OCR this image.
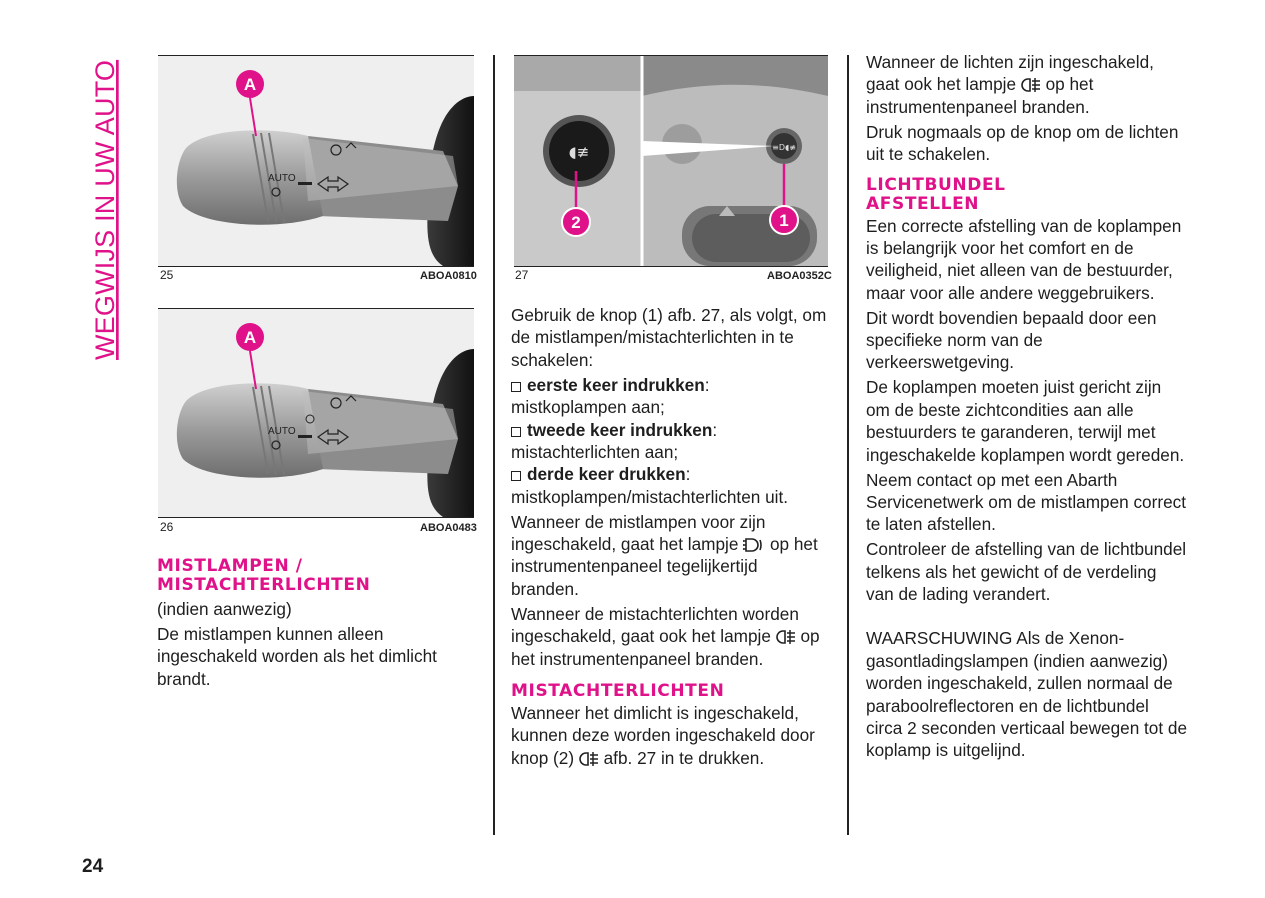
WEGWIJS IN UW AUTO	AUTO
A
25	ABOA0810
AUTO
A
26	ABOA0483
◖≢	≡D◖≢
1
2
27	ABOA0352C

MISTLAMPEN /
MISTACHTERLICHTEN

(indien aanwezig)

De mistlampen kunnen alleen ingeschakeld worden als het dimlicht brandt.

Gebruik de knop (1) afb. 27, als volgt, om de mistlampen/mistachterlichten in te schakelen:

eerste keer indrukken:
mistkoplampen aan;

tweede keer indrukken:
mistachterlichten aan;

derde keer drukken:
mistkoplampen/mistachterlichten uit.

Wanneer de mistlampen voor zijn ingeschakeld, gaat het lampje op het instrumentenpaneel tegelijkertijd branden.

Wanneer de mistachterlichten worden ingeschakeld, gaat ook het lampje op het instrumentenpaneel branden.

MISTACHTERLICHTEN

Wanneer het dimlicht is ingeschakeld, kunnen deze worden ingeschakeld door knop (2) afb. 27 in te drukken.

Wanneer de lichten zijn ingeschakeld, gaat ook het lampje op het instrumentenpaneel branden.

Druk nogmaals op de knop om de lichten uit te schakelen.

LICHTBUNDEL
AFSTELLEN

Een correcte afstelling van de koplampen is belangrijk voor het comfort en de veiligheid, niet alleen van de bestuurder, maar voor alle andere weggebruikers.

Dit wordt bovendien bepaald door een specifieke norm van de verkeerswetgeving.

De koplampen moeten juist gericht zijn om de beste zichtcondities aan alle bestuurders te garanderen, terwijl met ingeschakelde koplampen wordt gereden.

Neem contact op met een Abarth Servicenetwerk om de mistlampen correct te laten afstellen.

Controleer de afstelling van de lichtbundel telkens als het gewicht of de verdeling van de lading verandert.

WAARSCHUWING Als de Xenon-gasontladingslampen (indien aanwezig) worden ingeschakeld, zullen normaal de paraboolreflectoren en de lichtbundel circa 2 seconden verticaal bewegen tot de koplamp is uitgelijnd.

24
